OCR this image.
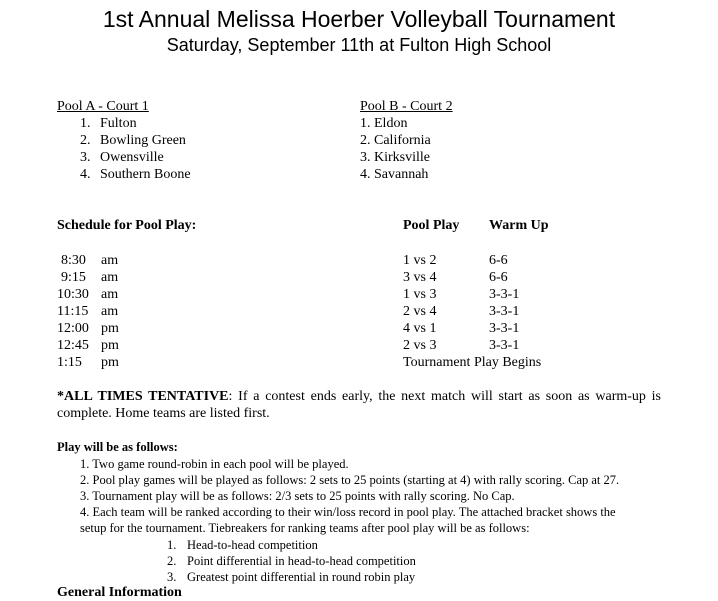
1st Annual Melissa Hoerber Volleyball Tournament
Saturday, September 11th at Fulton High School
Pool A - Court 1
1. Fulton
2. Bowling Green
3. Owensville
4. Southern Boone
Pool B - Court 2
1. Eldon
2. California
3. Kirksville
4. Savannah
Schedule for Pool Play:	Pool Play Warm Up
8:30 am	1 vs 2	6-6
9:15 am	3 vs 4	6-6
10:30 am	1 vs 3	3-3-1
11:15 am	2 vs 4	3-3-1
12:00 pm	4 vs 1	3-3-1
12:45 pm	2 vs 3	3-3-1
1:15 pm	Tournament Play Begins
*ALL TIMES TENTATIVE: If a contest ends early, the next match will start as soon as warm-up is complete. Home teams are listed first.
Play will be as follows:
1. Two game round-robin in each pool will be played.
2. Pool play games will be played as follows: 2 sets to 25 points (starting at 4) with rally scoring. Cap at 27.
3. Tournament play will be as follows: 2/3 sets to 25 points with rally scoring. No Cap.
4. Each team will be ranked according to their win/loss record in pool play. The attached bracket shows the
setup for the tournament. Tiebreakers for ranking teams after pool play will be as follows:
1. Head-to-head competition
2. Point differential in head-to-head competition
3. Greatest point differential in round robin play
General Information
